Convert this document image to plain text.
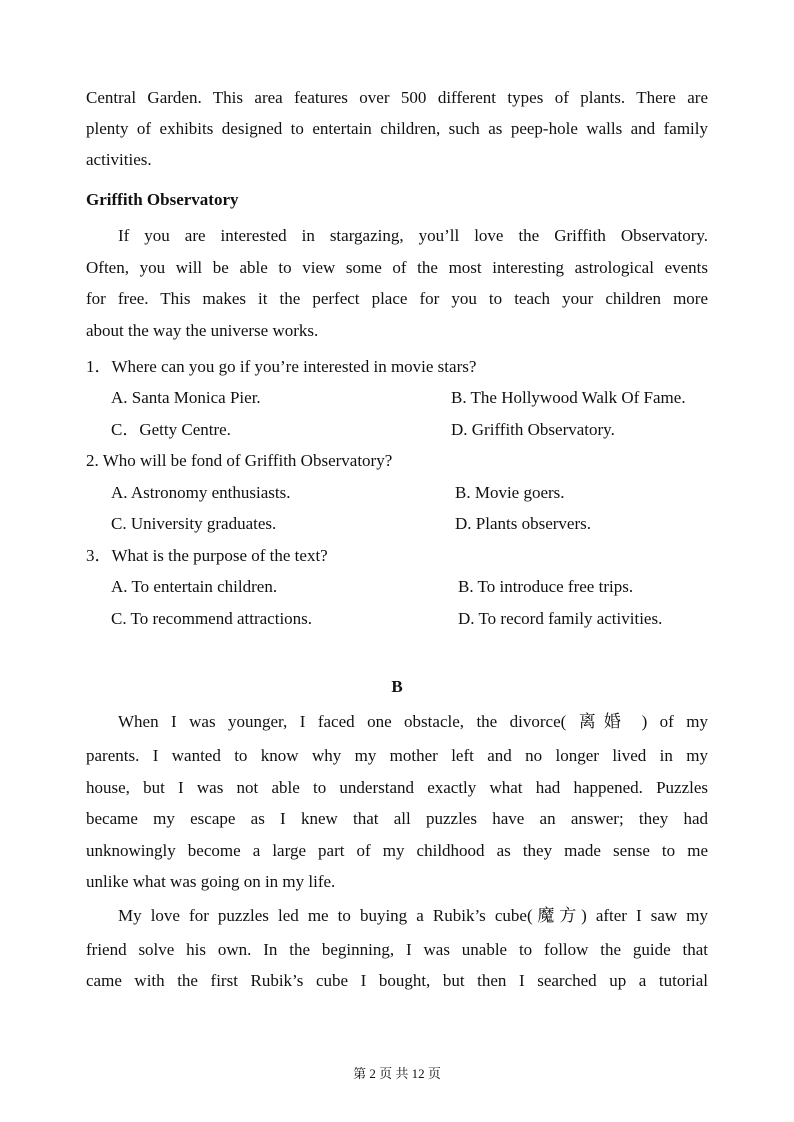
Central Garden. This area features over 500 different types of plants. There are
plenty of exhibits designed to entertain children, such as peep-hole walls and family
activities.
Griffith Observatory
If you are interested in stargazing, you’ll love the Griffith Observatory.
Often, you will be able to view some of the most interesting astrological events
for free. This makes it the perfect place for you to teach your children more
about the way the universe works.
1．Where can you go if you’re interested in movie stars?
A. Santa Monica Pier.	B. The Hollywood Walk Of Fame.
C．Getty Centre.	D. Griffith Observatory.
2. Who will be fond of Griffith Observatory?
A. Astronomy enthusiasts.	B. Movie goers.
C. University graduates.	D. Plants observers.
3．What is the purpose of the text?
A. To entertain children.	B. To introduce free trips.
C. To recommend attractions.	D. To record family activities.
B
When I was younger, I faced one obstacle, the divorce( 离婚 ) of my
parents. I wanted to know why my mother left and no longer lived in my
house, but I was not able to understand exactly what had happened. Puzzles
became my escape as I knew that all puzzles have an answer; they had
unknowingly become a large part of my childhood as they made sense to me
unlike what was going on in my life.
My love for puzzles led me to buying a Rubik’s cube(魔方) after I saw my
friend solve his own. In the beginning, I was unable to follow the guide that
came with the first Rubik’s cube I bought, but then I searched up a tutorial
第 2 页 共 12 页
